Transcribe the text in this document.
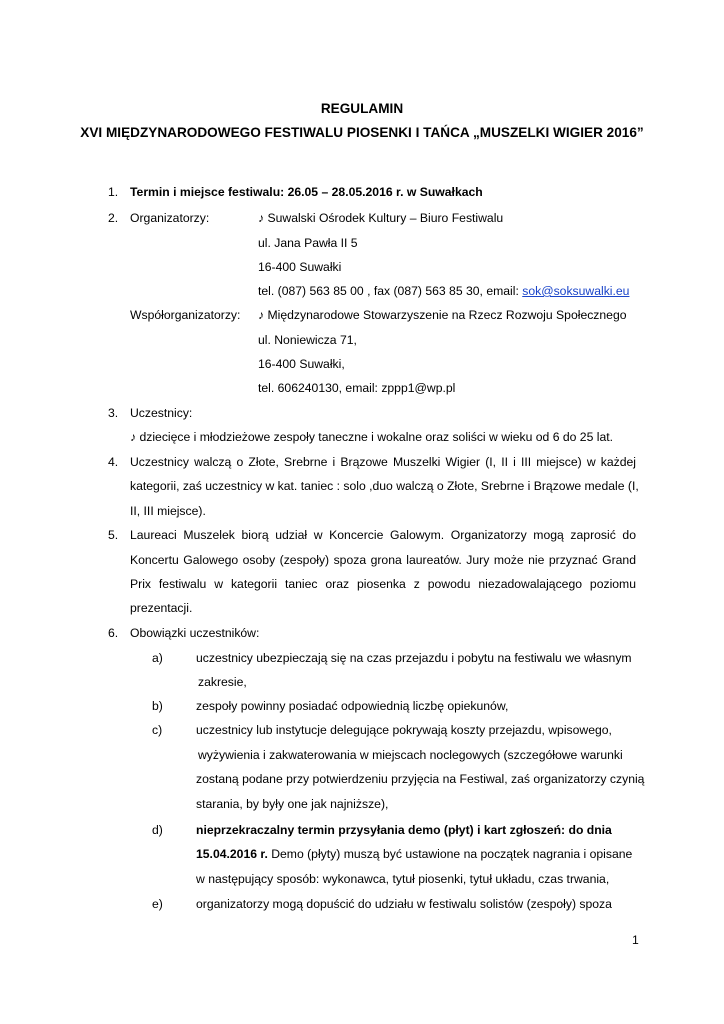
REGULAMIN
XVI MIĘDZYNARODOWEGO FESTIWALU PIOSENKI I TAŃCA „MUSZELKI WIGIER 2016”
1. Termin i miejsce festiwalu: 26.05 – 28.05.2016 r. w Suwałkach
2. Organizatorzy:	♪ Suwalski Ośrodek Kultury – Biuro Festiwalu
ul. Jana Pawła II 5
16-400 Suwałki
tel. (087) 563 85 00 , fax (087) 563 85 30, email: sok@soksuwalki.eu
Współorganizatorzy: ♪ Międzynarodowe Stowarzyszenie na Rzecz Rozwoju Społecznego
ul. Noniewicza 71,
16-400 Suwałki,
tel. 606240130, email: zppp1@wp.pl
3. Uczestnicy:
♪ dziecięce i młodzieżowe zespoły taneczne i wokalne oraz soliści w wieku od 6 do 25 lat.
4. Uczestnicy walczą o Złote, Srebrne i Brązowe Muszelki Wigier (I, II i III miejsce) w każdej
kategorii, zaś uczestnicy w kat. taniec : solo ,duo walczą o Złote, Srebrne i Brązowe medale (I,
II, III miejsce).
5. Laureaci Muszelek biorą udział w Koncercie Galowym. Organizatorzy mogą zaprosić do
Koncertu Galowego osoby (zespoły) spoza grona laureatów. Jury może nie przyznać Grand
Prix festiwalu w kategorii taniec oraz piosenka z powodu niezadowalającego poziomu
prezentacji.
6. Obowiązki uczestników:
a)	uczestnicy ubezpieczają się na czas przejazdu i pobytu na festiwalu we własnym
zakresie,
b)	zespoły powinny posiadać odpowiednią liczbę opiekunów,
c)	uczestnicy lub instytucje delegujące pokrywają koszty przejazdu, wpisowego,
wyżywienia i zakwaterowania w miejscach noclegowych (szczegółowe warunki
zostaną podane przy potwierdzeniu przyjęcia na Festiwal, zaś organizatorzy czynią
starania, by były one jak najniższe),
d)	nieprzekraczalny termin przysyłania demo (płyt) i kart zgłoszeń: do dnia
15.04.2016 r. Demo (płyty) muszą być ustawione na początek nagrania i opisane
w następujący sposób: wykonawca, tytuł piosenki, tytuł układu, czas trwania,
e)	organizatorzy mogą dopuścić do udziału w festiwalu solistów (zespoły) spoza
1
